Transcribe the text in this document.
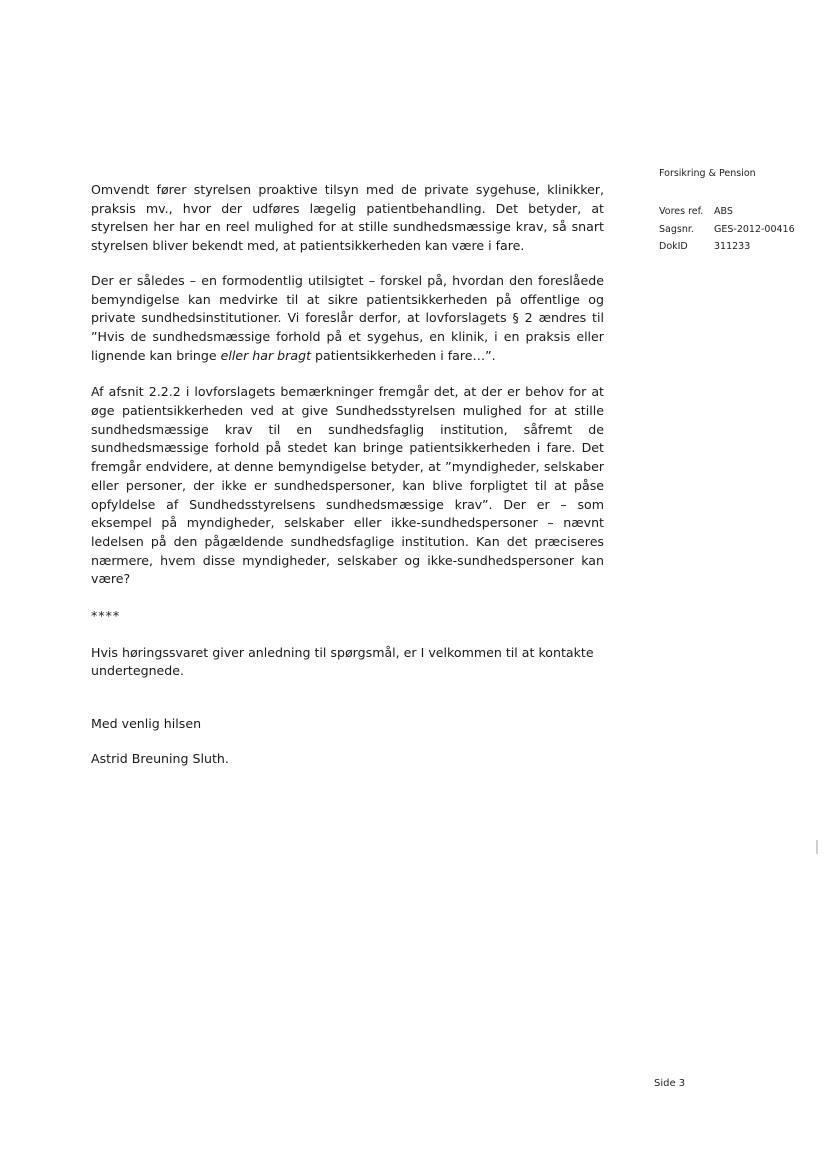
Forsikring & Pension
Vores ref.	ABS
Sagsnr.	GES-2012-00416
DokID	311233

Omvendt fører styrelsen proaktive tilsyn med de private sygehuse, klinikker, praksis mv., hvor der udføres lægelig patientbehandling. Det betyder, at styrelsen her har en reel mulighed for at stille sundhedsmæssige krav, så snart styrelsen bliver bekendt med, at patientsikkerheden kan være i fare.

Der er således – en formodentlig utilsigtet – forskel på, hvordan den foreslåede bemyndigelse kan medvirke til at sikre patientsikkerheden på offentlige og private sundhedsinstitutioner. Vi foreslår derfor, at lovforslagets § 2 ændres til ”Hvis de sundhedsmæssige forhold på et sygehus, en klinik, i en praksis eller lignende kan bringe eller har bragt patientsikkerheden i fare…”.

Af afsnit 2.2.2 i lovforslagets bemærkninger fremgår det, at der er behov for at øge patientsikkerheden ved at give Sundhedsstyrelsen mulighed for at stille sundhedsmæssige krav til en sundhedsfaglig institution, såfremt de sundhedsmæssige forhold på stedet kan bringe patientsikkerheden i fare. Det fremgår endvidere, at denne bemyndigelse betyder, at ”myndigheder, selskaber eller personer, der ikke er sundhedspersoner, kan blive forpligtet til at påse opfyldelse af Sundhedsstyrelsens sundhedsmæssige krav”. Der er – som eksempel på myndigheder, selskaber eller ikke-sundhedspersoner – nævnt ledelsen på den pågældende sundhedsfaglige institution. Kan det præciseres nærmere, hvem disse myndigheder, selskaber og ikke-sundhedspersoner kan være?

****

Hvis høringssvaret giver anledning til spørgsmål, er I velkommen til at kontakte undertegnede.

Med venlig hilsen

Astrid Breuning Sluth.

Side 3
